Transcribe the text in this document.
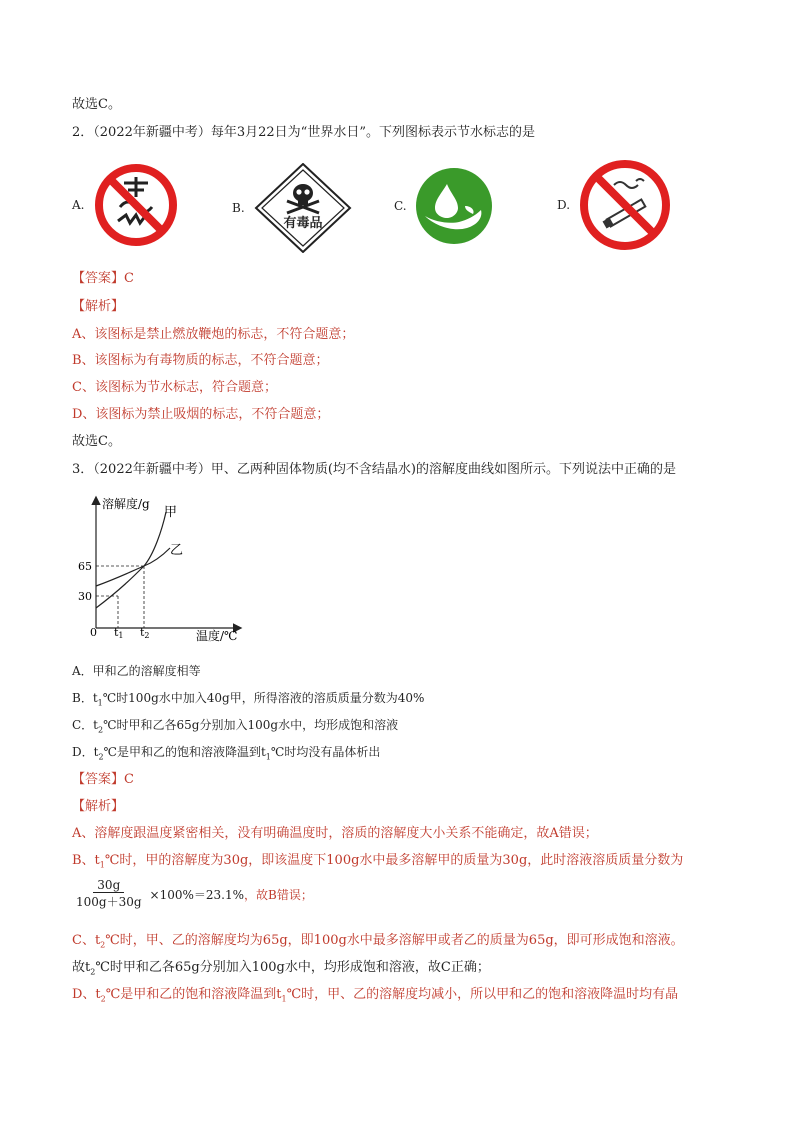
故选C。
2．（2022年新疆中考）每年3月22日为“世界水日”。下列图标表示节水标志的是
A.	B.
有毒品
C.	D.
【答案】C
【解析】
A、该图标是禁止燃放鞭炮的标志，不符合题意；
B、该图标为有毒物质的标志，不符合题意；
C、该图标为节水标志，符合题意；
D、该图标为禁止吸烟的标志，不符合题意；
故选C。
3．（2022年新疆中考）甲、乙两种固体物质(均不含结晶水)的溶解度曲线如图所示。下列说法中正确的是
溶解度/g
温度/℃
0
65
30
甲
乙
t1 t2
A．甲和乙的溶解度相等
B．$t_1℃$时100g水中加入40g甲，所得溶液的溶质质量分数为40%
C．$t_2℃$时甲和乙各65g分别加入100g水中，均形成饱和溶液
D．$t_2℃$是甲和乙的饱和溶液降温到$t_1℃$时均没有晶体析出
【答案】C
【解析】
A、溶解度跟温度紧密相关，没有明确温度时，溶质的溶解度大小关系不能确定，故A错误；
B、$t_1℃$时，甲的溶解度为30g，即该温度下100g水中最多溶解甲的质量为30g，此时溶液溶质质量分数为
$\frac{30g}{100g+30g} \times 100\%=23.1\%$ ，故B错误；
C、$t_2℃$时，甲、乙的溶解度均为65g，即100g水中最多溶解甲或者乙的质量为65g，即可形成饱和溶液。
故$t_2℃$时甲和乙各65g分别加入100g水中，均形成饱和溶液，故C正确；
D、$t_2℃$是甲和乙的饱和溶液降温到$t_1℃$时，甲、乙的溶解度均减小，所以甲和乙的饱和溶液降温时均有晶
